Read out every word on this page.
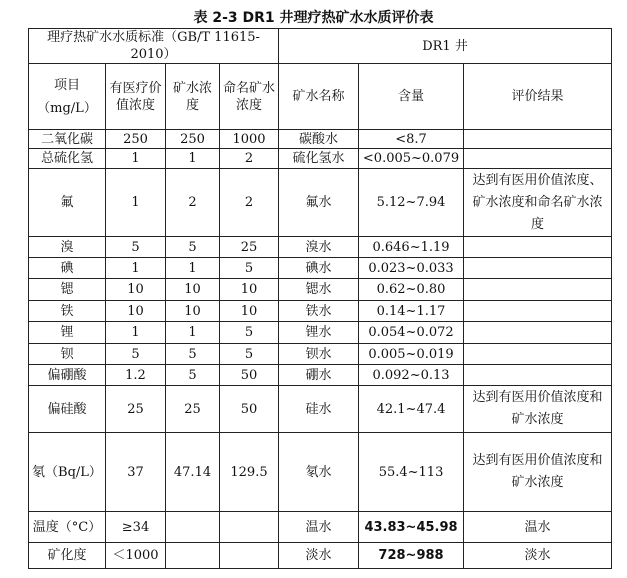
表 2-3 DR1 井理疗热矿水水质评价表
理疗热矿水水质标准（GB/T 11615-2010）				DR1 井		

项目
（mg/L）	有医疗价值浓度	矿水浓度	命名矿水浓度	矿水名称	含量	评价结果
二氧化碳	250	250	1000	碳酸水	<8.7	
总硫化氢	1	1	2	硫化氢水	<0.005~0.079	
氟	1	2	2	氟水	5.12~7.94	达到有医用价值浓度、矿水浓度和命名矿水浓度
溴	5	5	25	溴水	0.646~1.19	
碘	1	1	5	碘水	0.023~0.033	
锶	10	10	10	锶水	0.62~0.80	
铁	10	10	10	铁水	0.14~1.17	
锂	1	1	5	锂水	0.054~0.072	
钡	5	5	5	钡水	0.005~0.019	
偏硼酸	1.2	5	50	硼水	0.092~0.13	
偏硅酸	25	25	50	硅水	42.1~47.4	达到有医用价值浓度和矿水浓度
氡（Bq/L）	37	47.14	129.5	氡水	55.4~113	达到有医用价值浓度和矿水浓度
温度（°C）	≥34			温水	43.83~45.98	温水
矿化度	＜1000			淡水	728~988	淡水
